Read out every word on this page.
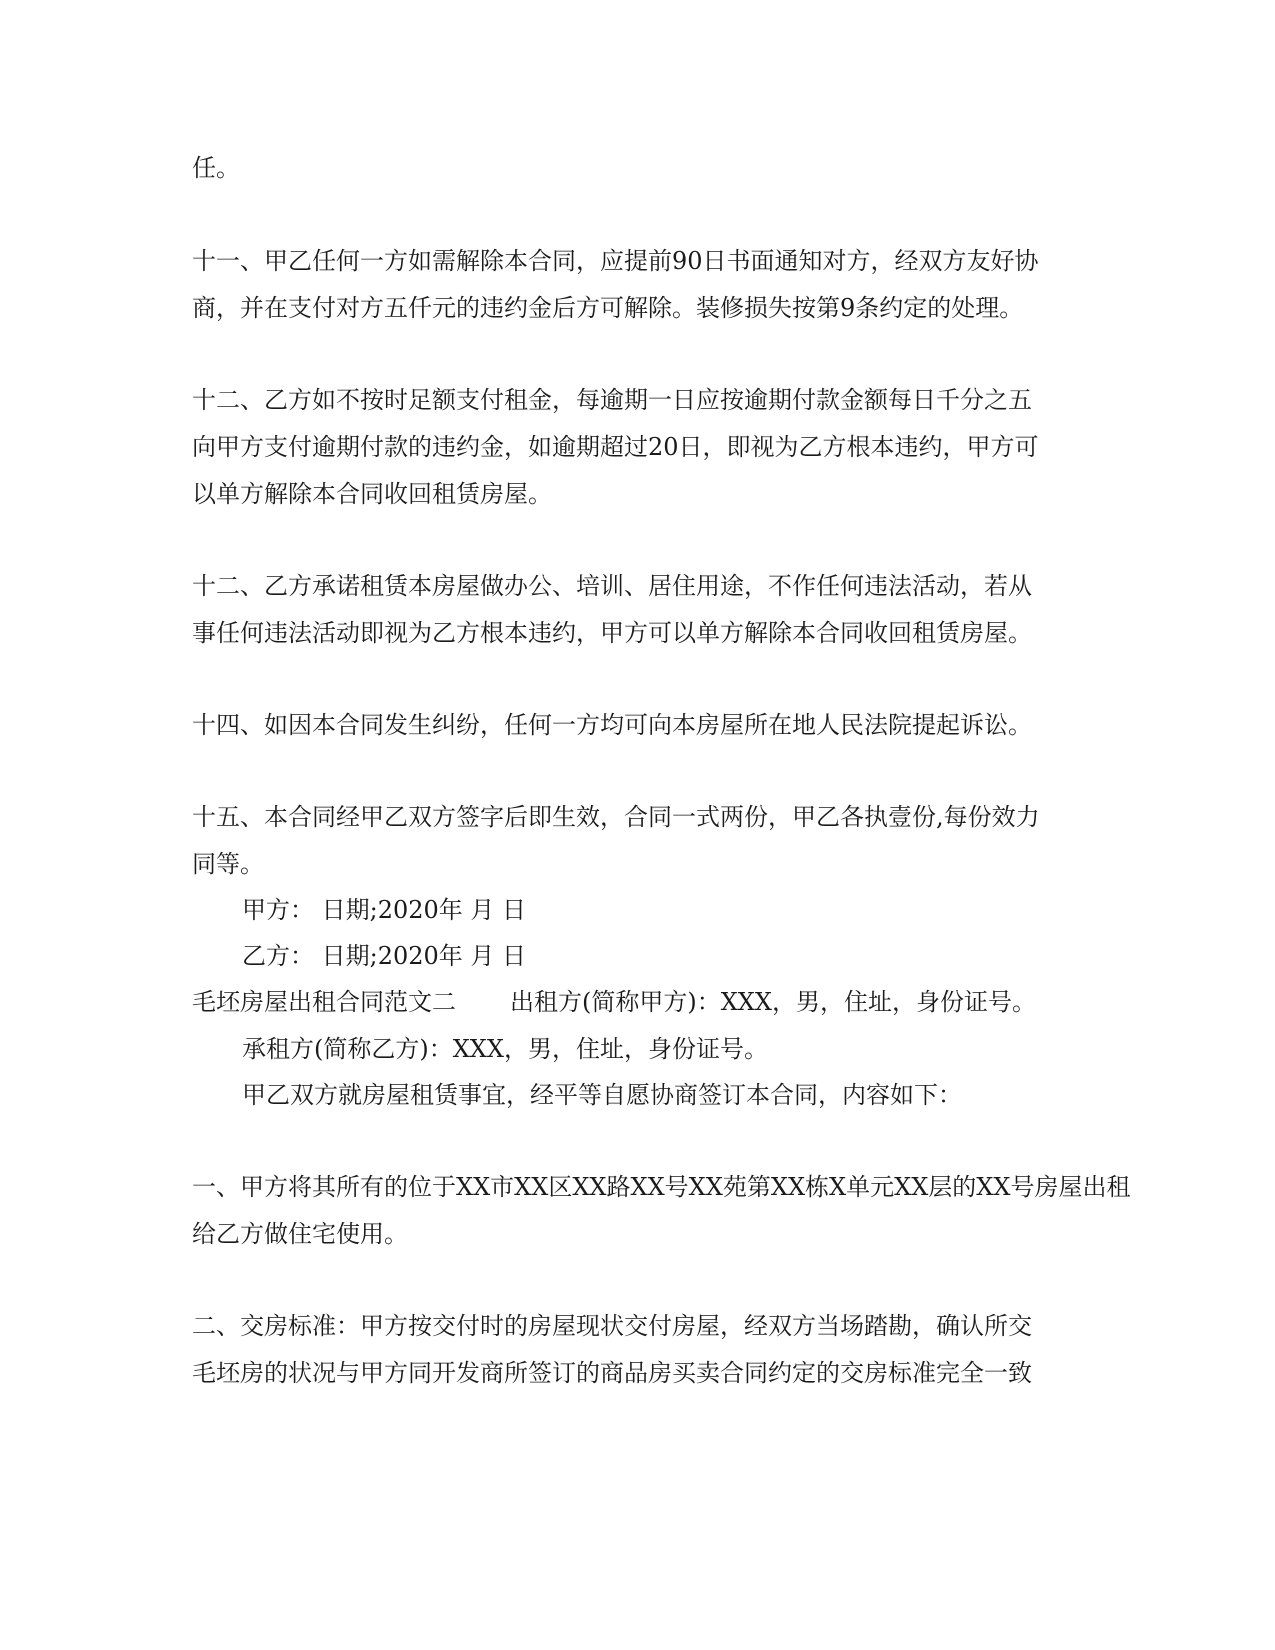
任。

十一、甲乙任何一方如需解除本合同，应提前90日书面通知对方，经双方友好协

商，并在支付对方五仟元的违约金后方可解除。装修损失按第9条约定的处理。

十二、乙方如不按时足额支付租金，每逾期一日应按逾期付款金额每日千分之五

向甲方支付逾期付款的违约金，如逾期超过20日，即视为乙方根本违约，甲方可

以单方解除本合同收回租赁房屋。

十二、乙方承诺租赁本房屋做办公、培训、居住用途，不作任何违法活动，若从

事任何违法活动即视为乙方根本违约，甲方可以单方解除本合同收回租赁房屋。

十四、如因本合同发生纠纷，任何一方均可向本房屋所在地人民法院提起诉讼。

十五、本合同经甲乙双方签字后即生效，合同一式两份，甲乙各执壹份,每份效力

同等。

甲方： 日期;2020年 月 日

乙方： 日期;2020年 月 日

毛坯房屋出租合同范文二 出租方(简称甲方)：XXX，男，住址，身份证号。

承租方(简称乙方)：XXX，男，住址，身份证号。

甲乙双方就房屋租赁事宜，经平等自愿协商签订本合同，内容如下：

一、甲方将其所有的位于XX市XX区XX路XX号XX苑第XX栋X单元XX层的XX号房屋出租

给乙方做住宅使用。

二、交房标准：甲方按交付时的房屋现状交付房屋，经双方当场踏勘，确认所交

毛坯房的状况与甲方同开发商所签订的商品房买卖合同约定的交房标准完全一致
